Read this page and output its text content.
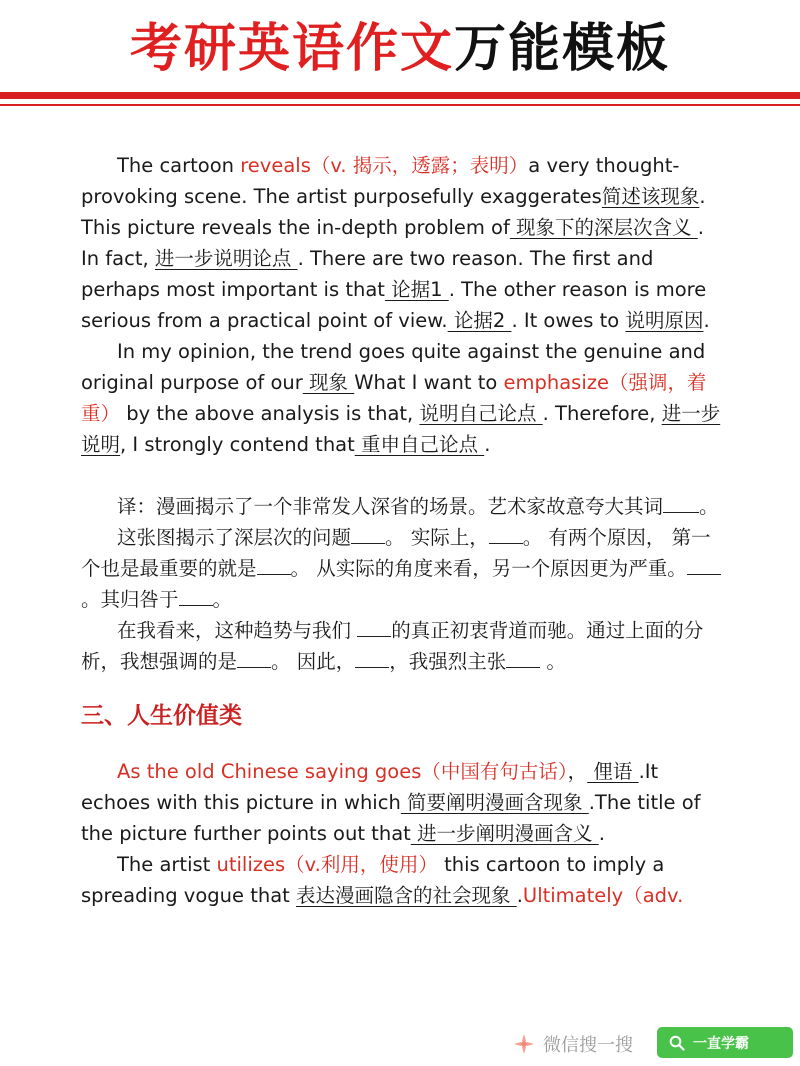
考研英语作文万能模板

The cartoon reveals（v. 揭示，透露；表明）a very thought-provoking scene. The artist purposefully exaggerates简述该现象.

This picture reveals the in-depth problem of 现象下的深层次含义 . In fact, 进一步说明论点 . There are two reason. The first and perhaps most important is that 论据1 . The other reason is more serious from a practical point of view. 论据2 . It owes to 说明原因.

In my opinion, the trend goes quite against the genuine and original purpose of our 现象 What I want to emphasize（强调，着重） by the above analysis is that, 说明自己论点 . Therefore, 进一步说明, I strongly contend that 重申自己论点 .

译：漫画揭示了一个非常发人深省的场景。艺术家故意夸大其词 。

这张图揭示了深层次的问题 。 实际上， 。 有两个原因， 第一个也是最重要的就是 。 从实际的角度来看，另一个原因更为严重。。其归咎于 。

在我看来，这种趋势与我们 的真正初衷背道而驰。通过上面的分析，我想强调的是 。 因此， ，我强烈主张 。

三、人生价值类

As the old Chinese saying goes（中国有句古话）， 俚语 .It echoes with this picture in which 简要阐明漫画含现象 .The title of the picture further points out that 进一步阐明漫画含义 .

The artist utilizes（v.利用，使用） this cartoon to imply a spreading vogue that 表达漫画隐含的社会现象 .Ultimately（adv.

微信搜一搜	一直学霸
